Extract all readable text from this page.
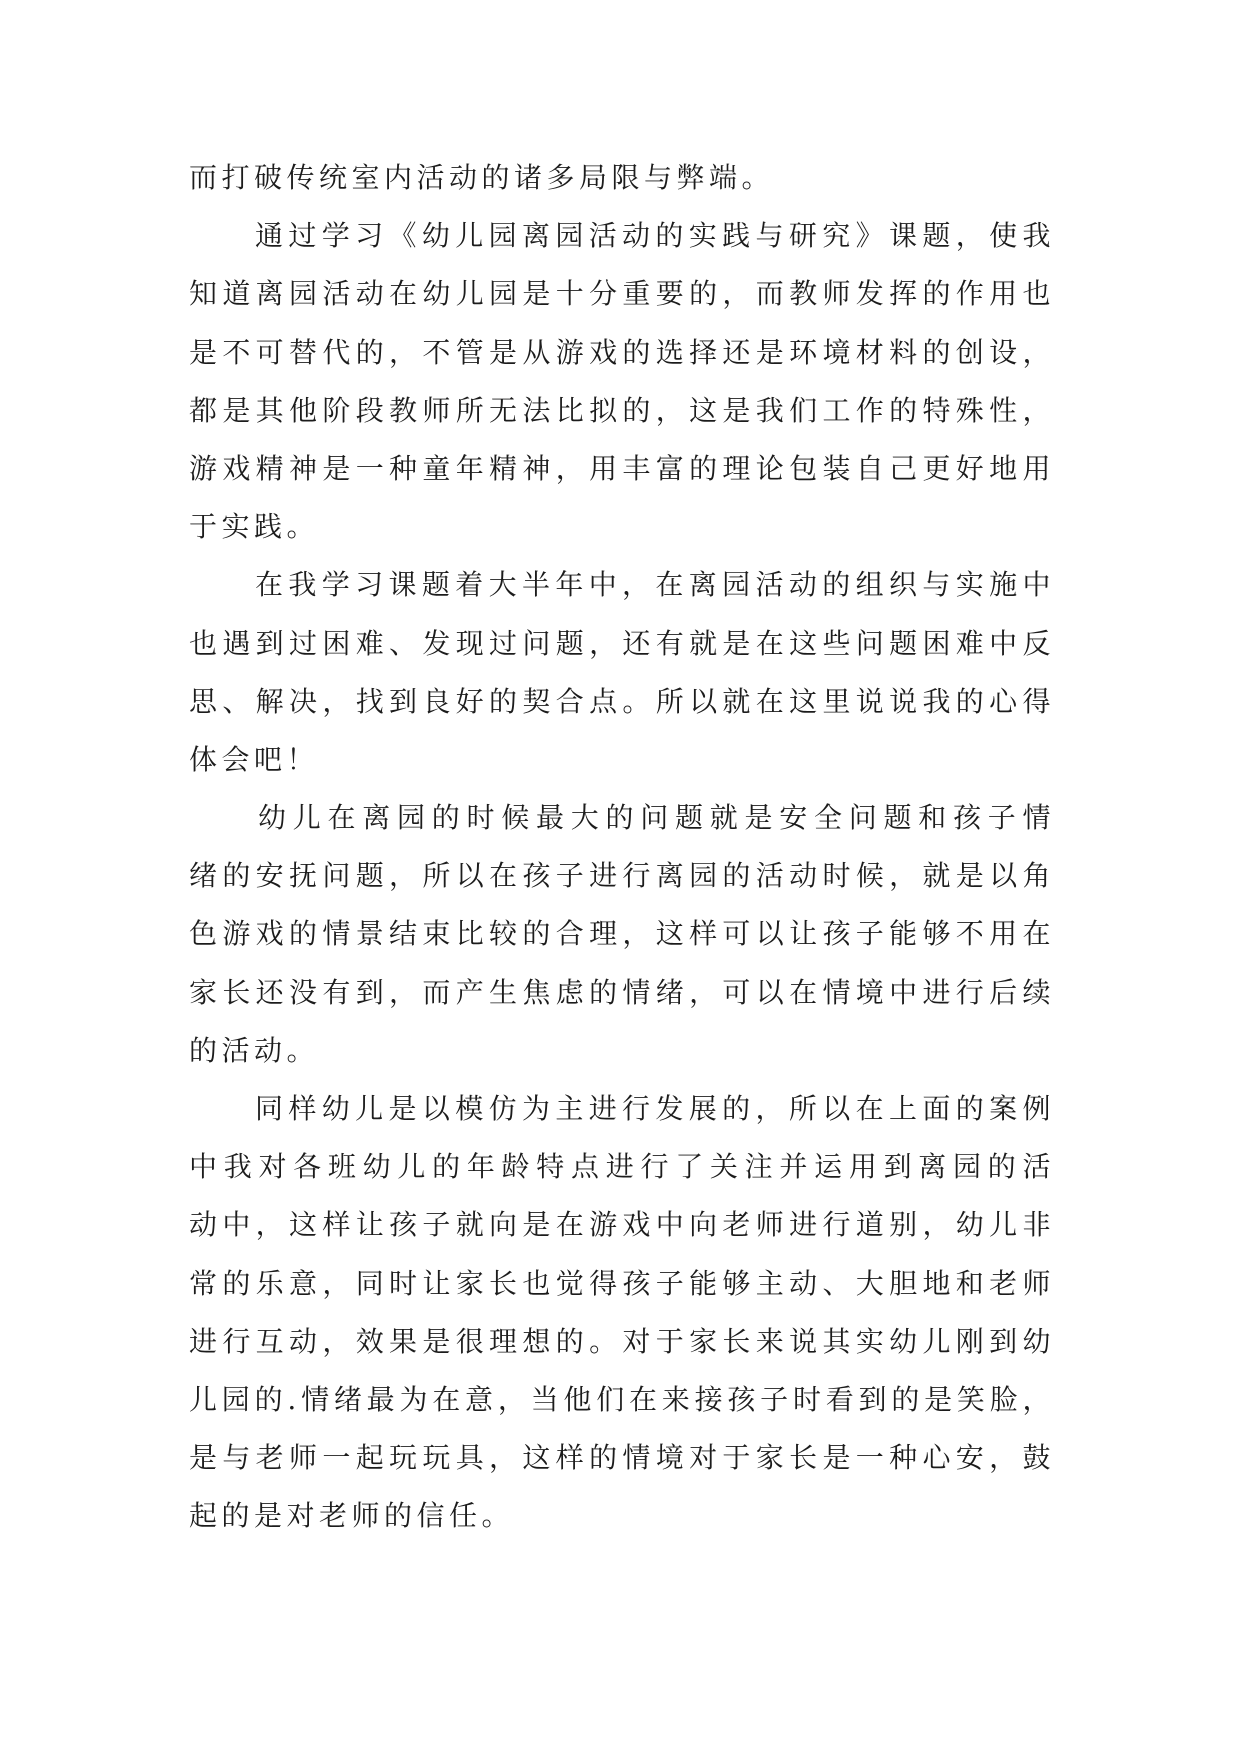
而打破传统室内活动的诸多局限与弊端。
通过学习《幼儿园离园活动的实践与研究》课题，使我
知道离园活动在幼儿园是十分重要的，而教师发挥的作用也
是不可替代的，不管是从游戏的选择还是环境材料的创设，
都是其他阶段教师所无法比拟的，这是我们工作的特殊性，
游戏精神是一种童年精神，用丰富的理论包装自己更好地用
于实践。
在我学习课题着大半年中，在离园活动的组织与实施中
也遇到过困难、发现过问题，还有就是在这些问题困难中反
思、解决，找到良好的契合点。所以就在这里说说我的心得
体会吧！
幼儿在离园的时候最大的问题就是安全问题和孩子情
绪的安抚问题，所以在孩子进行离园的活动时候，就是以角
色游戏的情景结束比较的合理，这样可以让孩子能够不用在
家长还没有到，而产生焦虑的情绪，可以在情境中进行后续
的活动。
同样幼儿是以模仿为主进行发展的，所以在上面的案例
中我对各班幼儿的年龄特点进行了关注并运用到离园的活
动中，这样让孩子就向是在游戏中向老师进行道别，幼儿非
常的乐意，同时让家长也觉得孩子能够主动、大胆地和老师
进行互动，效果是很理想的。对于家长来说其实幼儿刚到幼
儿园的.情绪最为在意，当他们在来接孩子时看到的是笑脸，
是与老师一起玩玩具，这样的情境对于家长是一种心安，鼓
起的是对老师的信任。
